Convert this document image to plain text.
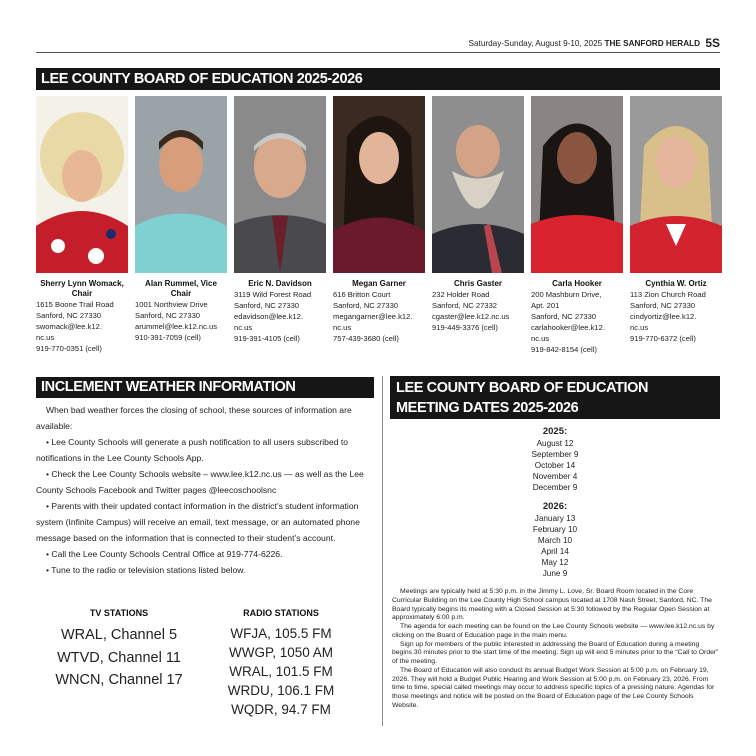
Saturday-Sunday, August 9-10, 2025 THE SANFORD HERALD 5S
LEE COUNTY BOARD OF EDUCATION 2025-2026
Sherry Lynn Womack, Chair
1615 Boone Trail Road
Sanford, NC 27330
swomack@lee.k12.
nc.us
919-770-0351 (cell)
Alan Rummel, Vice Chair
1001 Northview Drive
Sanford, NC 27330
arummel@lee.k12.nc.us
910-391-7059 (cell)
Eric N. Davidson
3119 Wild Forest Road
Sanford, NC 27330
edavidson@lee.k12.
nc.us
919-391-4105 (cell)
Megan Garner
616 Britton Court
Sanford, NC 27330
megangarner@lee.k12.
nc.us
757-439-3680 (cell)
Chris Gaster
232 Holder Road
Sanford, NC 27332
cgaster@lee.k12.nc.us
919-449-3376 (cell)
Carla Hooker
200 Mashburn Drive,
Apt. 201
Sanford, NC 27330
carlahooker@lee.k12.
nc.us
919-842-8154 (cell)
Cynthia W. Ortiz
113 Zion Church Road
Sanford, NC 27330
cindyortiz@lee.k12.
nc.us
919-770-6372 (cell)
INCLEMENT WEATHER INFORMATION

When bad weather forces the closing of school, these sources of information are available:

• Lee County Schools will generate a push notification to all users subscribed to notifications in the Lee County Schools App.

• Check the Lee County Schools website – www.lee.k12.nc.us — as well as the Lee County Schools Facebook and Twitter pages @leecoschoolsnc

• Parents with their updated contact information in the district’s student information system (Infinite Campus) will receive an email, text message, or an automated phone message based on the information that is connected to their student’s account.

• Call the Lee County Schools Central Office at 919-774-6226.

• Tune to the radio or television stations listed below.

TV STATIONS
WRAL, Channel 5
WTVD, Channel 11
WNCN, Channel 17
RADIO STATIONS
WFJA, 105.5 FM
WWGP, 1050 AM
WRAL, 101.5 FM
WRDU, 106.1 FM
WQDR, 94.7 FM
LEE COUNTY BOARD OF EDUCATION
MEETING DATES 2025-2026
2025:
August 12
September 9
October 14
November 4
December 9
2026:
January 13
February 10
March 10
April 14
May 12
June 9

Meetings are typically held at 5:30 p.m. in the Jimmy L. Love, Sr. Board Room located in the Core Curricular Building on the Lee County High School campus located at 1708 Nash Street, Sanford, NC. The Board typically begins its meeting with a Closed Session at 5:30 followed by the Regular Open Session at approximately 6:00 p.m.

The agenda for each meeting can be found on the Lee County Schools website — www.lee.k12.nc.us by clicking on the Board of Education page in the main menu.

Sign up for members of the public interested in addressing the Board of Education during a meeting begins 30 minutes prior to the start time of the meeting. Sign up will end 5 minutes prior to the “Call to Order” of the meeting.

The Board of Education will also conduct its annual Budget Work Session at 5:00 p.m. on February 19, 2026. They will hold a Budget Public Hearing and Work Session at 5:00 p.m. on February 23, 2026. From time to time, special called meetings may occur to address specific topics of a pressing nature. Agendas for those meetings and notice will be posted on the Board of Education page of the Lee County Schools Website.
